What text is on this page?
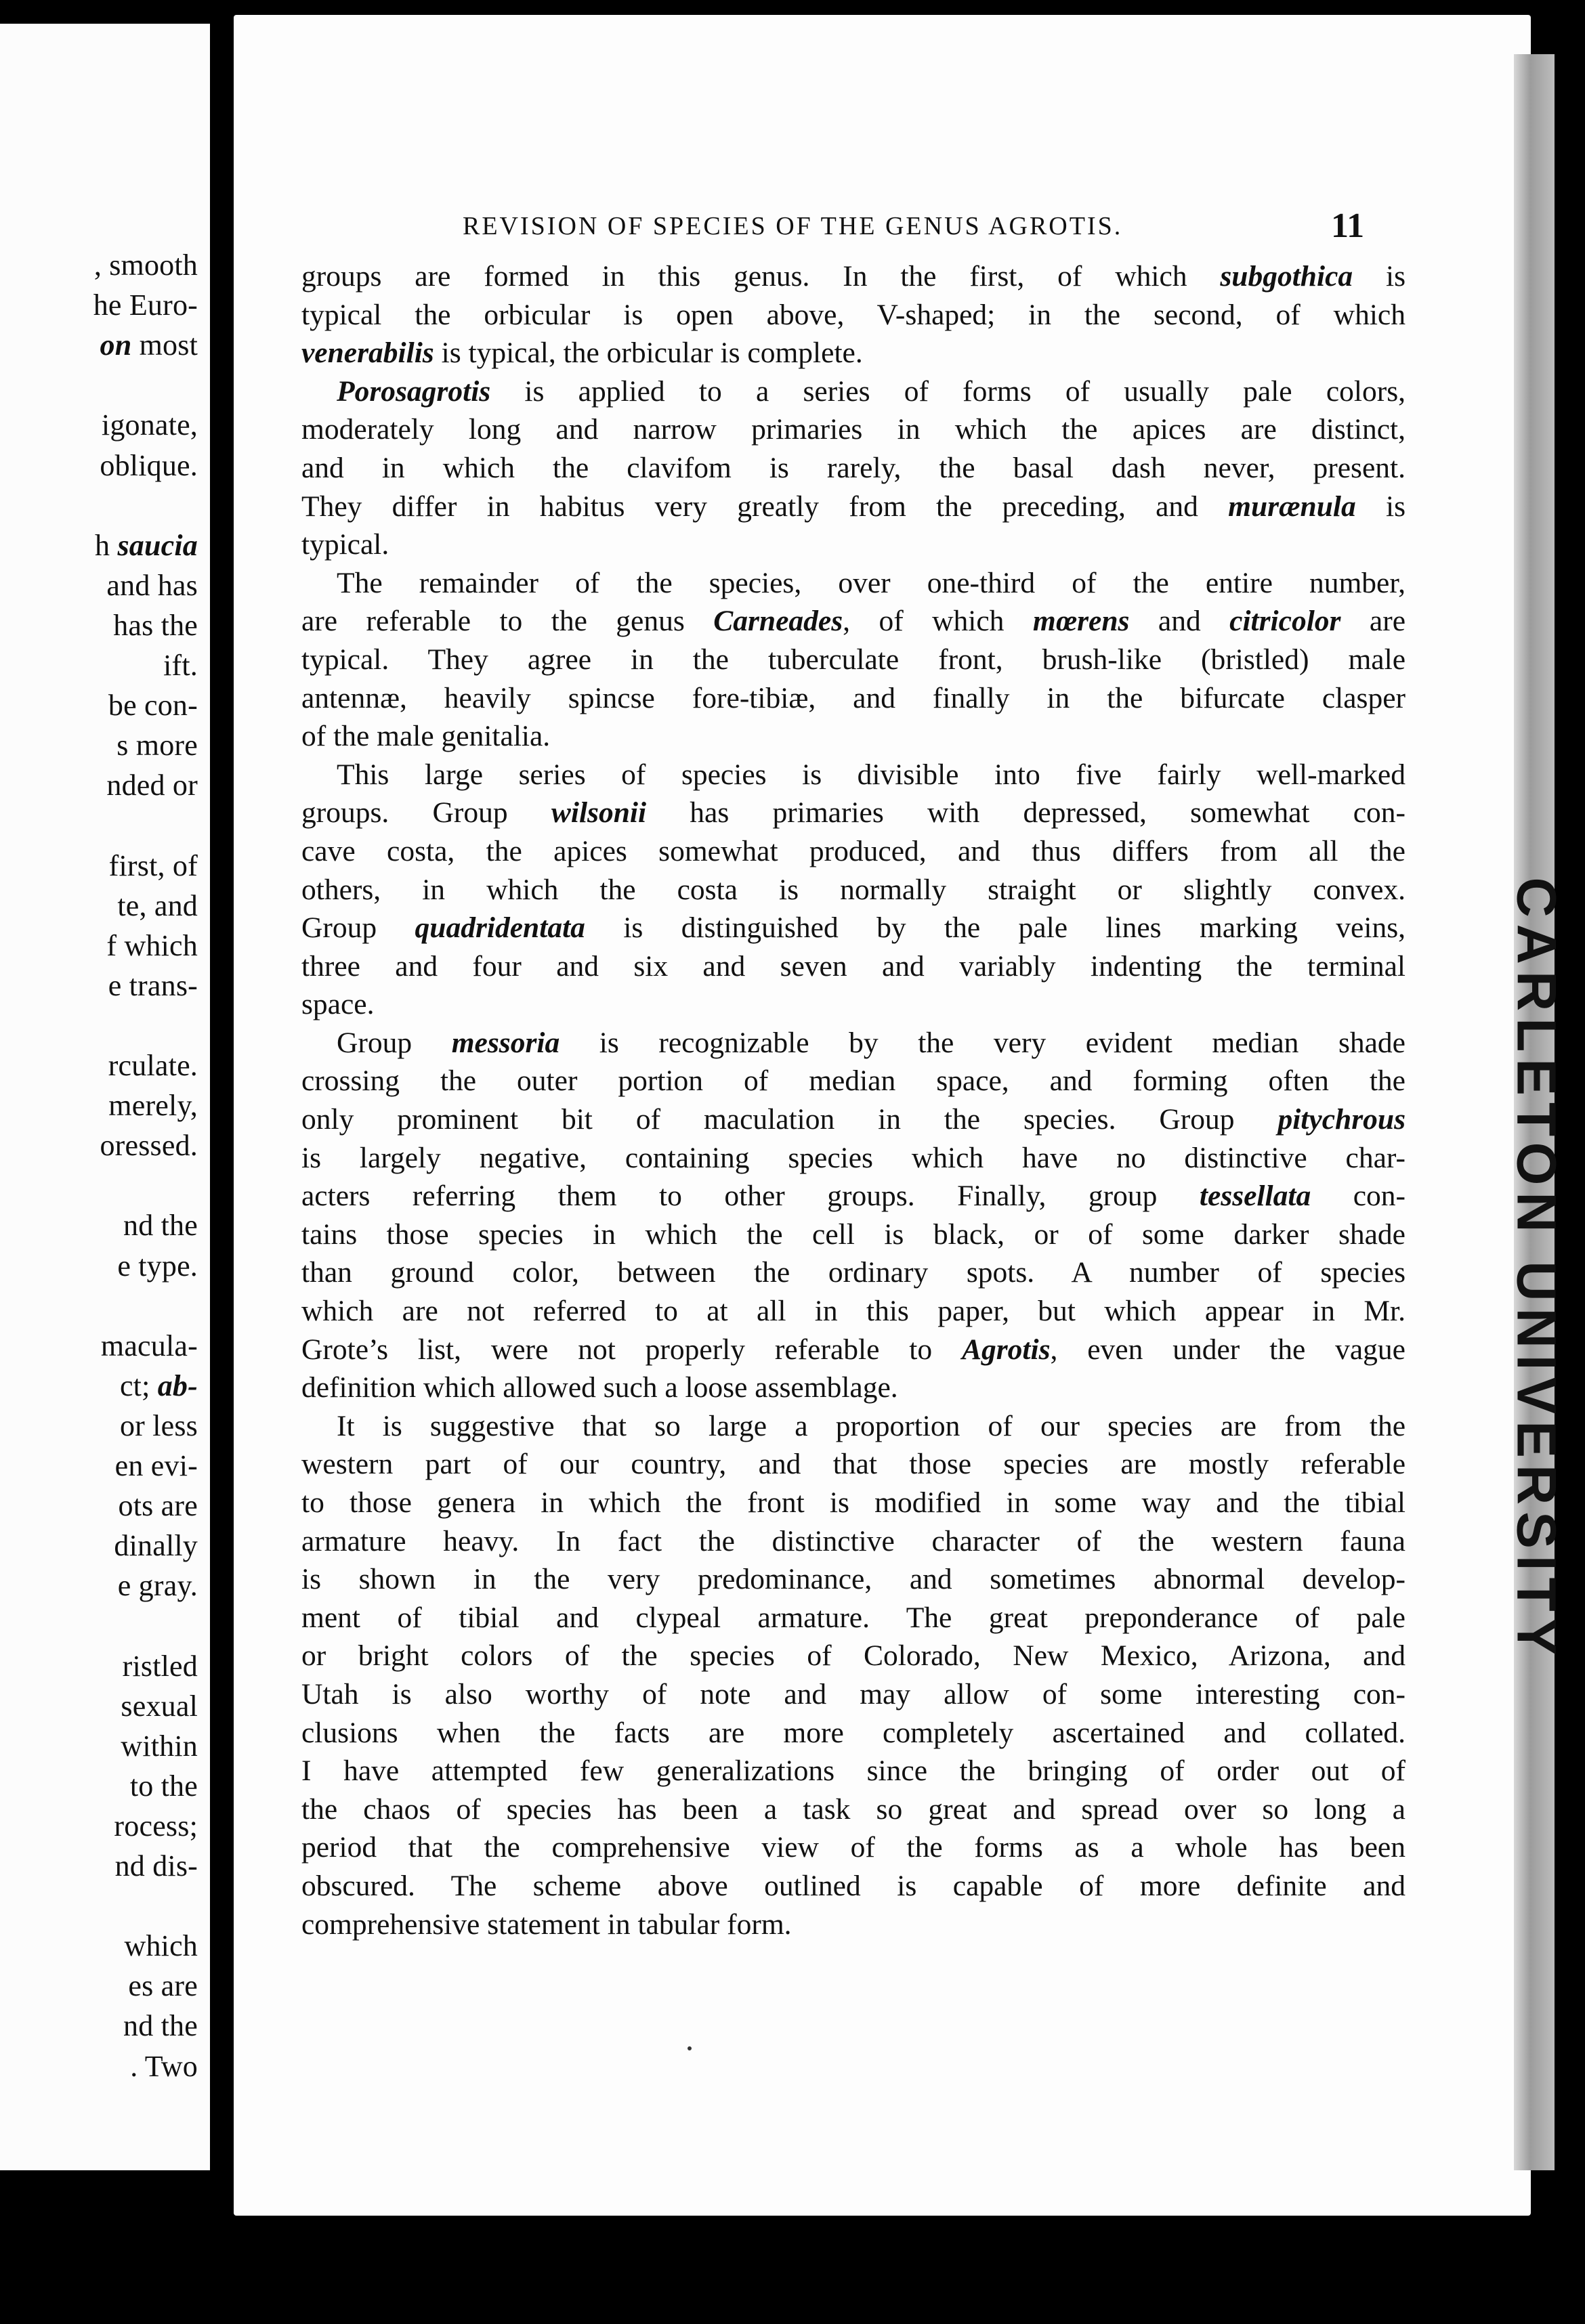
, smooth
he Euro-
on most
igonate,
oblique.
h saucia
and has
has the
ift.
be con-
s more
nded or
first, of
te, and
f which
e trans-
rculate.
merely,
oressed.
nd the
e type.
macula-
ct; ab-
or less
en evi-
ots are
dinally
e gray.
ristled
sexual
within
to the
rocess;
nd dis-
which
es are
nd the
. Two
REVISION OF SPECIES OF THE GENUS AGROTIS.	11
groups are formed in this genus. In the first, of which subgothica is
typical the orbicular is open above, V-shaped; in the second, of which
venerabilis is typical, the orbicular is complete.
Porosagrotis is applied to a series of forms of usually pale colors,
moderately long and narrow primaries in which the apices are distinct,
and in which the clavifom is rarely, the basal dash never, present.
They differ in habitus very greatly from the preceding, and murænula is
typical.
The remainder of the species, over one-third of the entire number,
are referable to the genus Carneades, of which mœrens and citricolor are
typical. They agree in the tuberculate front, brush-like (bristled) male
antennæ, heavily spincse fore-tibiæ, and finally in the bifurcate clasper
of the male genitalia.
This large series of species is divisible into five fairly well-marked
groups. Group wilsonii has primaries with depressed, somewhat con-
cave costa, the apices somewhat produced, and thus differs from all the
others, in which the costa is normally straight or slightly convex.
Group quadridentata is distinguished by the pale lines marking veins,
three and four and six and seven and variably indenting the terminal
space.
Group messoria is recognizable by the very evident median shade
crossing the outer portion of median space, and forming often the
only prominent bit of maculation in the species. Group pitychrous
is largely negative, containing species which have no distinctive char-
acters referring them to other groups. Finally, group tessellata con-
tains those species in which the cell is black, or of some darker shade
than ground color, between the ordinary spots. A number of species
which are not referred to at all in this paper, but which appear in Mr.
Grote’s list, were not properly referable to Agrotis, even under the vague
definition which allowed such a loose assemblage.
It is suggestive that so large a proportion of our species are from the
western part of our country, and that those species are mostly referable
to those genera in which the front is modified in some way and the tibial
armature heavy. In fact the distinctive character of the western fauna
is shown in the very predominance, and sometimes abnormal develop-
ment of tibial and clypeal armature. The great preponderance of pale
or bright colors of the species of Colorado, New Mexico, Arizona, and
Utah is also worthy of note and may allow of some interesting con-
clusions when the facts are more completely ascertained and collated.
I have attempted few generalizations since the bringing of order out of
the chaos of species has been a task so great and spread over so long a
period that the comprehensive view of the forms as a whole has been
obscured. The scheme above outlined is capable of more definite and
comprehensive statement in tabular form.
CARLETON UNIVERSITY
